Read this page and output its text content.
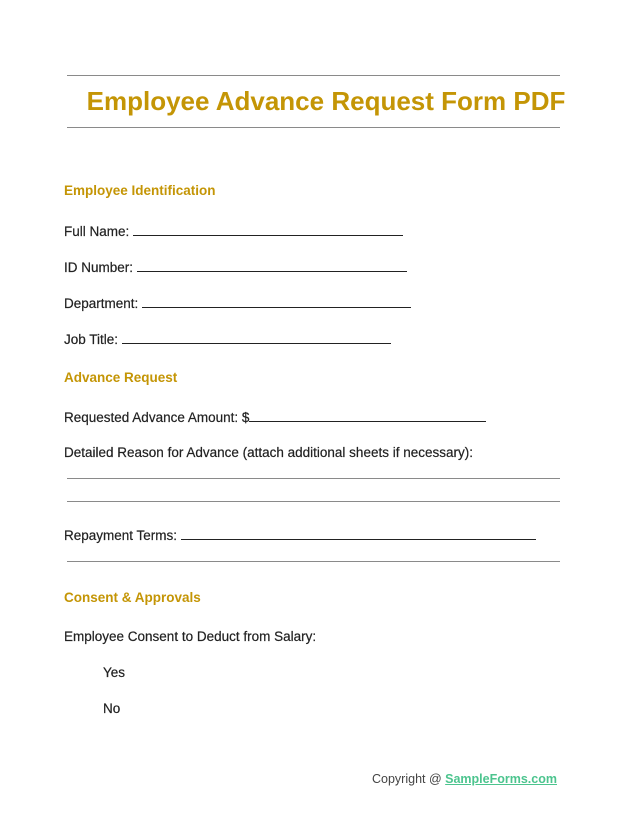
Employee Advance Request Form PDF
Employee Identification
Full Name:
ID Number:
Department:
Job Title:
Advance Request
Requested Advance Amount: $
Detailed Reason for Advance (attach additional sheets if necessary):
Repayment Terms:
Consent & Approvals
Employee Consent to Deduct from Salary:
Yes
No
Copyright @ SampleForms.com
